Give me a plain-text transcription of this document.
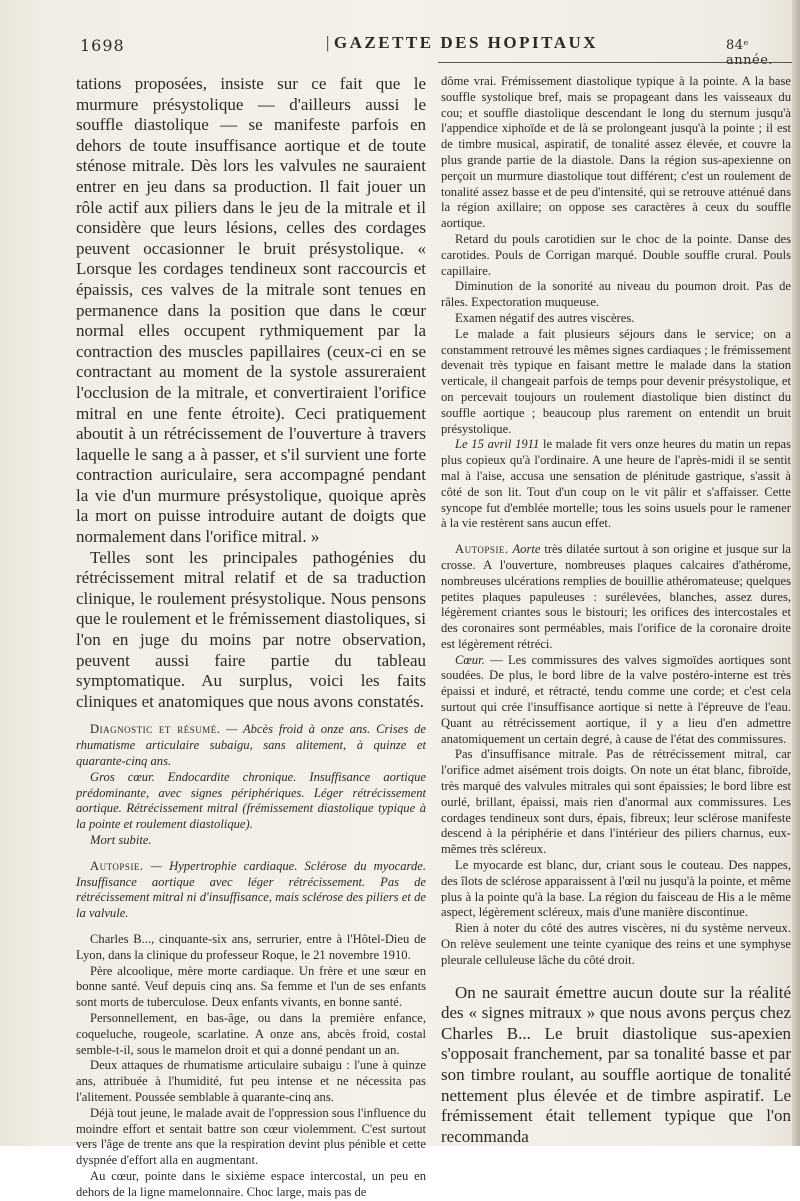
1698	| GAZETTE DES HOPITAUX	84ᵉ année.

tations proposées, insiste sur ce fait que le murmure présystolique — d'ailleurs aussi le souffle diastolique — se manifeste parfois en dehors de toute insuffisance aortique et de toute sténose mitrale. Dès lors les valvules ne sauraient entrer en jeu dans sa production. Il fait jouer un rôle actif aux piliers dans le jeu de la mitrale et il considère que leurs lésions, celles des cordages peuvent occasionner le bruit présystolique. « Lorsque les cordages tendineux sont raccourcis et épaissis, ces valves de la mitrale sont tenues en permanence dans la position que dans le cœur normal elles occupent rythmiquement par la contraction des muscles papillaires (ceux-ci en se contractant au moment de la systole assureraient l'occlusion de la mitrale, et convertiraient l'orifice mitral en une fente étroite). Ceci pratiquement aboutit à un rétrécissement de l'ouverture à travers laquelle le sang a à passer, et s'il survient une forte contraction auriculaire, sera accompagné pendant la vie d'un murmure présystolique, quoique après la mort on puisse introduire autant de doigts que normalement dans l'orifice mitral. »

Telles sont les principales pathogénies du rétrécissement mitral relatif et de sa traduction clinique, le roulement présystolique. Nous pensons que le roulement et le frémissement diastoliques, si l'on en juge du moins par notre observation, peuvent aussi faire partie du tableau symptomatique. Au surplus, voici les faits cliniques et anatomiques que nous avons constatés.

Diagnostic et résumé. — Abcès froid à onze ans. Crises de rhumatisme articulaire subaigu, sans alitement, à quinze et quarante-cinq ans.

Gros cœur. Endocardite chronique. Insuffisance aortique prédominante, avec signes périphériques. Léger rétrécissement aortique. Rétrécissement mitral (frémissement diastolique typique à la pointe et roulement diastolique).

Mort subite.

Autopsie. — Hypertrophie cardiaque. Sclérose du myocarde. Insuffisance aortique avec léger rétrécissement. Pas de rétrécissement mitral ni d'insuffisance, mais sclérose des piliers et de la valvule.

Charles B..., cinquante-six ans, serrurier, entre à l'Hôtel-Dieu de Lyon, dans la clinique du professeur Roque, le 21 novembre 1910.

Père alcoolique, mère morte cardiaque. Un frère et une sœur en bonne santé. Veuf depuis cinq ans. Sa femme et l'un de ses enfants sont morts de tuberculose. Deux enfants vivants, en bonne santé.

Personnellement, en bas-âge, ou dans la première enfance, coqueluche, rougeole, scarlatine. A onze ans, abcès froid, costal semble-t-il, sous le mamelon droit et qui a donné pendant un an.

Deux attaques de rhumatisme articulaire subaigu : l'une à quinze ans, attribuée à l'humidité, fut peu intense et ne nécessita pas l'alitement. Poussée semblable à quarante-cinq ans.

Déjà tout jeune, le malade avait de l'oppression sous l'influence du moindre effort et sentait battre son cœur violemment. C'est surtout vers l'âge de trente ans que la respiration devint plus pénible et cette dyspnée d'effort alla en augmentant.

Au cœur, pointe dans le sixième espace intercostal, un peu en dehors de la ligne mamelonnaire. Choc large, mais pas de

dôme vrai. Frémissement diastolique typique à la pointe. A la base souffle systolique bref, mais se propageant dans les vaisseaux du cou; et souffle diastolique descendant le long du sternum jusqu'à l'appendice xiphoïde et de là se prolongeant jusqu'à la pointe ; il est de timbre musical, aspiratif, de tonalité assez élevée, et couvre la plus grande partie de la diastole. Dans la région sus-apexienne on perçoit un murmure diastolique tout différent; c'est un roulement de tonalité assez basse et de peu d'intensité, qui se retrouve atténué dans la région axillaire; on oppose ses caractères à ceux du souffle aortique.

Retard du pouls carotidien sur le choc de la pointe. Danse des carotides. Pouls de Corrigan marqué. Double souffle crural. Pouls capillaire.

Diminution de la sonorité au niveau du poumon droit. Pas de râles. Expectoration muqueuse.

Examen négatif des autres viscères.

Le malade a fait plusieurs séjours dans le service; on a constamment retrouvé les mêmes signes cardiaques ; le frémissement devenait très typique en faisant mettre le malade dans la station verticale, il changeait parfois de temps pour devenir présystolique, et on percevait toujours un roulement diastolique bien distinct du souffle aortique ; beaucoup plus rarement on entendit un bruit présystolique.

Le 15 avril 1911 le malade fit vers onze heures du matin un repas plus copieux qu'à l'ordinaire. A une heure de l'après-midi il se sentit mal à l'aise, accusa une sensation de plénitude gastrique, s'assit à côté de son lit. Tout d'un coup on le vit pâlir et s'affaisser. Cette syncope fut d'emblée mortelle; tous les soins usuels pour le ramener à la vie restèrent sans aucun effet.

Autopsie. Aorte très dilatée surtout à son origine et jusque sur la crosse. A l'ouverture, nombreuses plaques calcaires d'athérome, nombreuses ulcérations remplies de bouillie athéromateuse; quelques petites plaques papuleuses : surélevées, blanches, assez dures, légèrement criantes sous le bistouri; les orifices des intercostales et des coronaires sont perméables, mais l'orifice de la coronaire droite est légèrement rétréci.

Cœur. — Les commissures des valves sigmoïdes aortiques sont soudées. De plus, le bord libre de la valve postéro-interne est très épaissi et induré, et rétracté, tendu comme une corde; et c'est cela surtout qui crée l'insuffisance aortique si nette à l'épreuve de l'eau. Quant au rétrécissement aortique, il y a lieu d'en admettre anatomiquement un certain degré, à cause de l'état des commissures.

Pas d'insuffisance mitrale. Pas de rétrécissement mitral, car l'orifice admet aisément trois doigts. On note un état blanc, fibroïde, très marqué des valvules mitrales qui sont épaissies; le bord libre est ourlé, brillant, épaissi, mais rien d'anormal aux commissures. Les cordages tendineux sont durs, épais, fibreux; leur sclérose manifeste descend à la périphérie et dans l'intérieur des piliers charnus, eux-mêmes très scléreux.

Le myocarde est blanc, dur, criant sous le couteau. Des nappes, des îlots de sclérose apparaissent à l'œil nu jusqu'à la pointe, et même plus à la pointe qu'à la base. La région du faisceau de His a le même aspect, légèrement scléreux, mais d'une manière discontinue.

Rien à noter du côté des autres viscères, ni du système nerveux. On relève seulement une teinte cyanique des reins et une symphyse pleurale celluleuse lâche du côté droit.

On ne saurait émettre aucun doute sur la réalité des « signes mitraux » que nous avons perçus chez Charles B... Le bruit diastolique sus-apexien s'opposait franchement, par sa tonalité basse et par son timbre roulant, au souffle aortique de tonalité nettement plus élevée et de timbre aspiratif. Le frémissement était tellement typique que l'on recommanda
